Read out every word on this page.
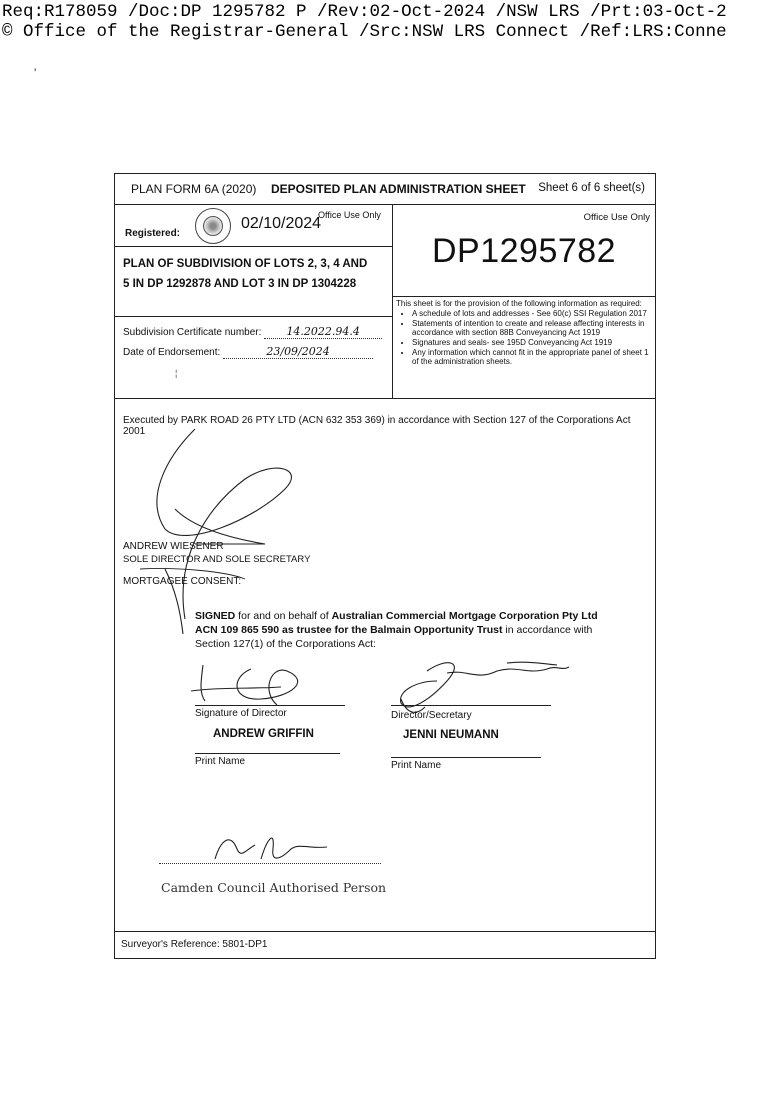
Req:R178059 /Doc:DP 1295782 P /Rev:02-Oct-2024 /NSW LRS /Prt:03-Oct-2
© Office of the Registrar-General /Src:NSW LRS Connect /Ref:LRS:Conne
'
PLAN FORM 6A (2020) DEPOSITED PLAN ADMINISTRATION SHEET Sheet 6 of 6 sheet(s)
Registered:
02/10/2024
Office Use Only
PLAN OF SUBDIVISION OF LOTS 2, 3, 4 AND
5 IN DP 1292878 AND LOT 3 IN DP 1304228
Subdivision Certificate number: 14.2022.94.4
Date of Endorsement:	23/09/2024
¦
Office Use Only
DP1295782

This sheet is for the provision of the following information as required:

• A schedule of lots and addresses - See 60(c) SSI Regulation 2017
• Statements of intention to create and release affecting interests in accordance with section 88B Conveyancing Act 1919
• Signatures and seals- see 195D Conveyancing Act 1919
• Any information which cannot fit in the appropriate panel of sheet 1 of the administration sheets.
Executed by PARK ROAD 26 PTY LTD (ACN 632 353 369) in accordance with Section 127 of the Corporations Act 2001
ANDREW WIESENER
SOLE DIRECTOR AND SOLE SECRETARY
MORTGAGEE CONSENT:
SIGNED for and on behalf of Australian Commercial Mortgage Corporation Pty Ltd ACN 109 865 590 as trustee for the Balmain Opportunity Trust in accordance with Section 127(1) of the Corporations Act:
Signature of Director	Director/Secretary
ANDREW GRIFFIN	JENNI NEUMANN
Print Name	Print Name
Camden Council Authorised Person
Surveyor's Reference: 5801-DP1
